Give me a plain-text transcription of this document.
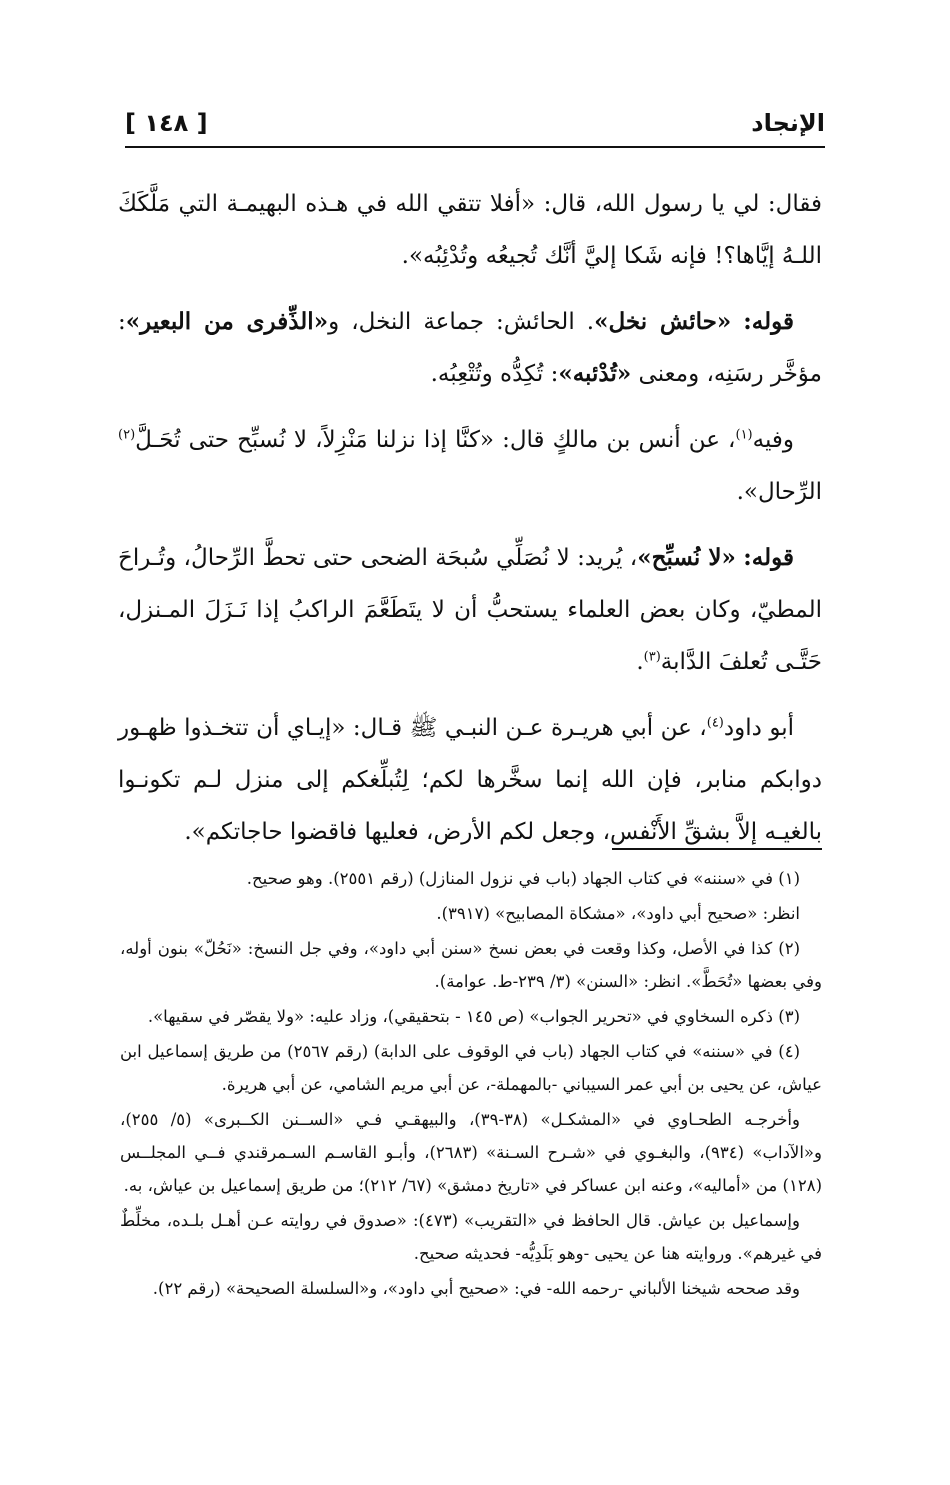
الإنجاد
[ ١٤٨ ]

فقال: لي يا رسول الله، قال: «أفلا تتقي الله في هـذه البهيمـة التي مَلَّكَكَ اللـهُ إيَّاها؟! فإنه شَكا إليَّ أنَّك تُجيعُه وتُدْئِبُه».

قوله: «حائش نخل». الحائش: جماعة النخل، و«الذِّفرى من البعير»: مؤخَّر رسَنِه، ومعنى «تُدْئبه»: تُكِدُّه وتُتْعِبُه.

وفيه$^{(١)}$، عن أنس بن مالكٍ قال: «كنَّا إذا نزلنا مَنْزِلاً، لا نُسبِّح حتى تُحَـلَّ$^{(٢)}$ الرِّحال».

قوله: «لا نُسبِّح»، يُريد: لا نُصَلِّي سُبحَة الضحى حتى تحطَّ الرِّحالُ، وتُـراحَ المطيّ، وكان بعض العلماء يستحبُّ أن لا يتَطَعَّمَ الراكبُ إذا نَـزَلَ المـنزل، حَتَّـى تُعلفَ الدَّابة$^{(٣)}$.

أبو داود$^{(٤)}$، عن أبي هريـرة عـن النبـي ﷺ قـال: «إيـاي أن تتخـذوا ظهـور دوابكم منابر، فإن الله إنما سخَّرها لكم؛ لِتُبلِّغكم إلى منزل لـم تكونـوا بالغيـه إلاَّ بشقِّ الأَنْفس، وجعل لكم الأرض، فعليها فاقضوا حاجاتكم».

(١) في «سننه» في كتاب الجهاد (باب في نزول المنازل) (رقم ٢٥٥١). وهو صحيح.

انظر: «صحيح أبي داود»، «مشكاة المصابيح» (٣٩١٧).

(٢) كذا في الأصل، وكذا وقعت في بعض نسخ «سنن أبي داود»، وفي جل النسخ: «نَحُلّ» بنون أوله، وفي بعضها «تُحَطَّ». انظر: «السنن» (٣/ ٢٣٩-ط. عوامة).

(٣) ذكره السخاوي في «تحرير الجواب» (ص ١٤٥ - بتحقيقي)، وزاد عليه: «ولا يقصّر في سقيها».

(٤) في «سننه» في كتاب الجهاد (باب في الوقوف على الدابة) (رقم ٢٥٦٧) من طريق إسماعيل ابن عياش، عن يحيى بن أبي عمر السيباني -بالمهملة-، عن أبي مريم الشامي، عن أبي هريرة.

وأخرجـه الطحـاوي في «المشكـل» (٣٨-٣٩)، والبيهقـي فـي «الســنن الكــبرى» (٥/ ٢٥٥)، و«الآداب» (٩٣٤)، والبغـوي في «شـرح السـنة» (٢٦٨٣)، وأبـو القاسـم السـمرقندي فــي المجلــس (١٢٨) من «أماليه»، وعنه ابن عساكر في «تاريخ دمشق» (٦٧/ ٢١٢)؛ من طريق إسماعيل بن عياش، به.

وإسماعيل بن عياش. قال الحافظ في «التقريب» (٤٧٣): «صدوق في روايته عـن أهـل بلـده، مخلِّطٌ في غيرهم». وروايته هنا عن يحيى -وهو بَلَدِيُّه- فحديثه صحيح.

وقد صححه شيخنا الألباني -رحمه الله- في: «صحيح أبي داود»، و«السلسلة الصحيحة» (رقم ٢٢).
